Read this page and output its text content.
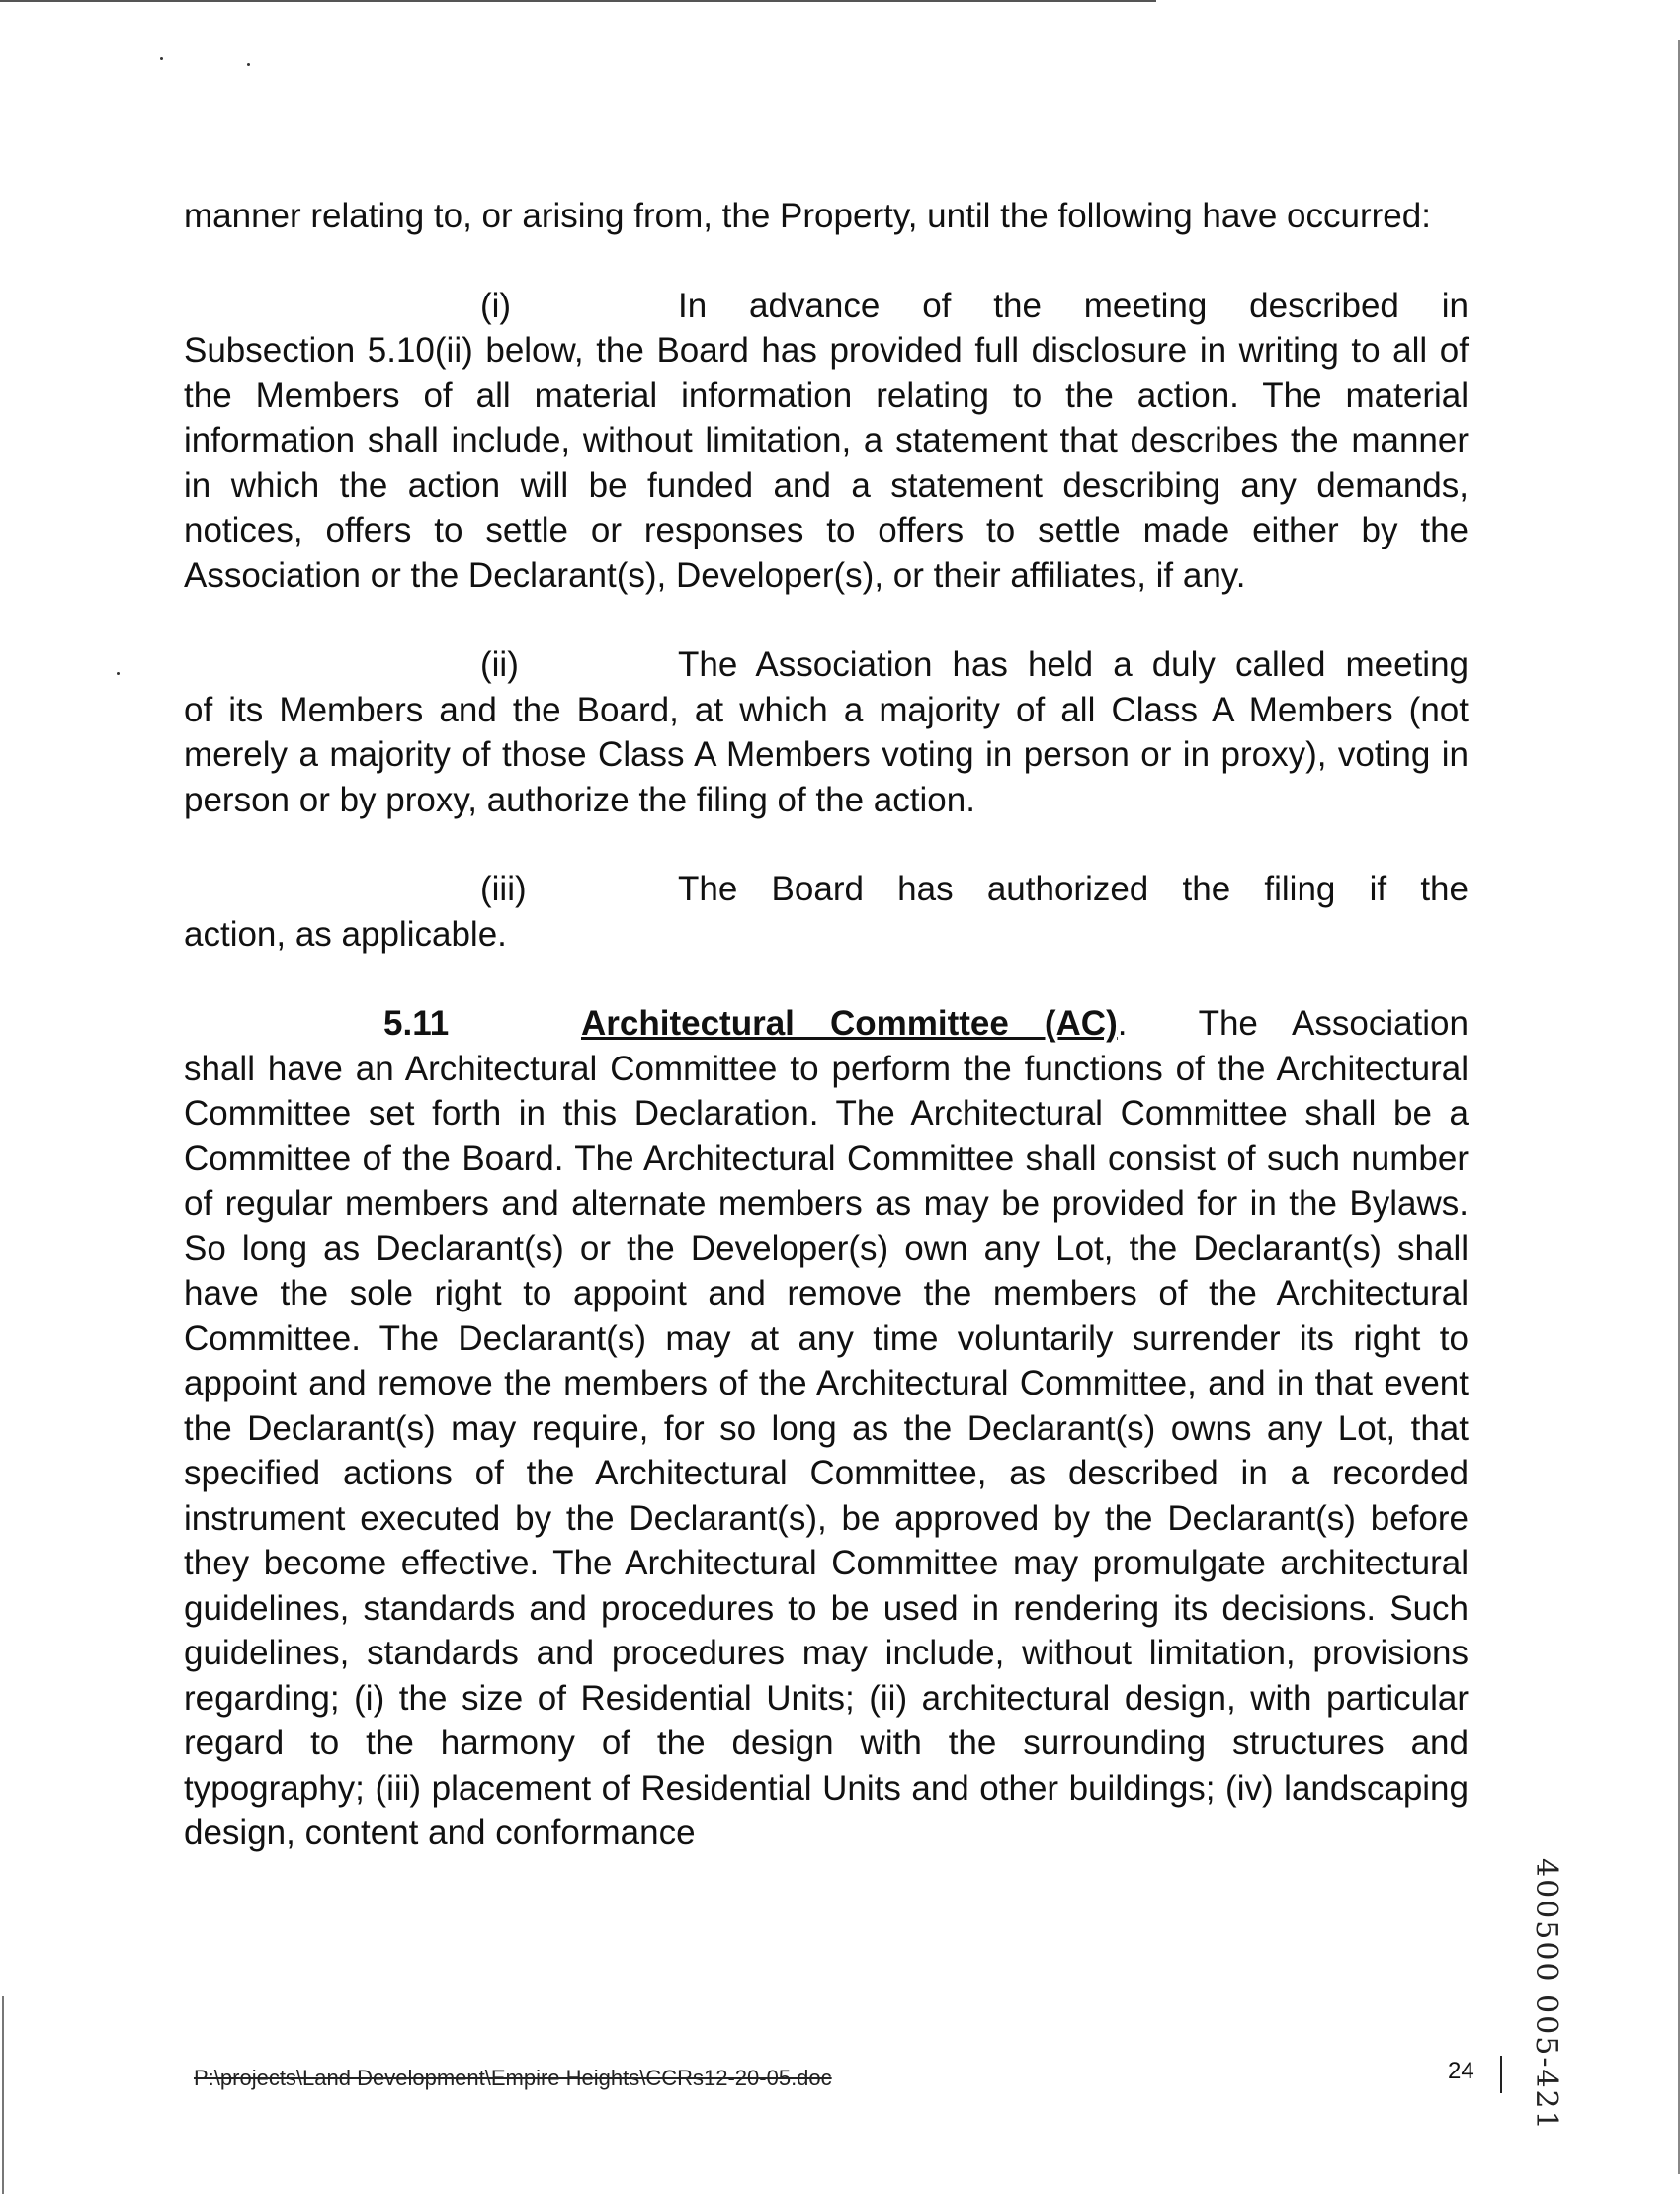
manner relating to, or arising from, the Property, until the following have occurred:

(i)	In advance of the meeting described in

Subsection 5.10(ii) below, the Board has provided full disclosure in writing to all of the Members of all material information relating to the action. The material information shall include, without limitation, a statement that describes the manner in which the action will be funded and a statement describing any demands, notices, offers to settle or responses to offers to settle made either by the Association or the Declarant(s), Developer(s), or their affiliates, if any.

(ii)	The Association has held a duly called meeting

of its Members and the Board, at which a majority of all Class A Members (not merely a majority of those Class A Members voting in person or in proxy), voting in person or by proxy, authorize the filing of the action.

(iii)	The Board has authorized the filing if the

action, as applicable.

5.11	Architectural Committee (AC). The Association

shall have an Architectural Committee to perform the functions of the Architectural Committee set forth in this Declaration. The Architectural Committee shall be a Committee of the Board. The Architectural Committee shall consist of such number of regular members and alternate members as may be provided for in the Bylaws. So long as Declarant(s) or the Developer(s) own any Lot, the Declarant(s) shall have the sole right to appoint and remove the members of the Architectural Committee. The Declarant(s) may at any time voluntarily surrender its right to appoint and remove the members of the Architectural Committee, and in that event the Declarant(s) may require, for so long as the Declarant(s) owns any Lot, that specified actions of the Architectural Committee, as described in a recorded instrument executed by the Declarant(s), be approved by the Declarant(s) before they become effective. The Architectural Committee may promulgate architectural guidelines, standards and procedures to be used in rendering its decisions. Such guidelines, standards and procedures may include, without limitation, provisions regarding; (i) the size of Residential Units; (ii) architectural design, with particular regard to the harmony of the design with the surrounding structures and typography; (iii) placement of Residential Units and other buildings; (iv) landscaping design, content and conformance

P:\projects\Land Development\Empire Heights\CCRs12-20-05.doc	24 400500 005-421
